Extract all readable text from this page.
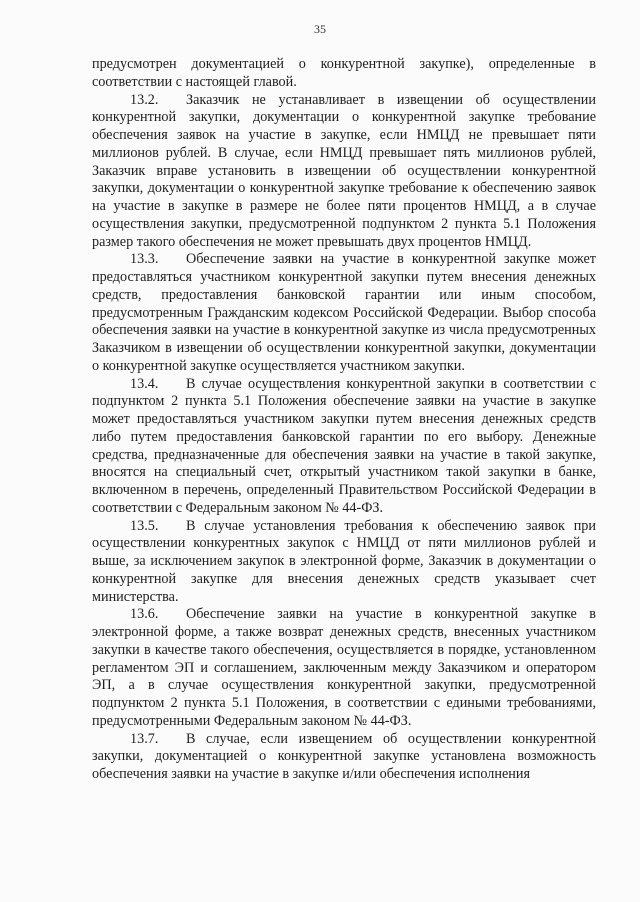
35

предусмотрен документацией о конкурентной закупке), определенные в соответствии с настоящей главой.

13.2. Заказчик не устанавливает в извещении об осуществлении конкурентной закупки, документации о конкурентной закупке требование обеспечения заявок на участие в закупке, если НМЦД не превышает пяти миллионов рублей. В случае, если НМЦД превышает пять миллионов рублей, Заказчик вправе установить в извещении об осуществлении конкурентной закупки, документации о конкурентной закупке требование к обеспечению заявок на участие в закупке в размере не более пяти процентов НМЦД, а в случае осуществления закупки, предусмотренной подпунктом 2 пункта 5.1 Положения размер такого обеспечения не может превышать двух процентов НМЦД.

13.3. Обеспечение заявки на участие в конкурентной закупке может предоставляться участником конкурентной закупки путем внесения денежных средств, предоставления банковской гарантии или иным способом, предусмотренным Гражданским кодексом Российской Федерации. Выбор способа обеспечения заявки на участие в конкурентной закупке из числа предусмотренных Заказчиком в извещении об осуществлении конкурентной закупки, документации о конкурентной закупке осуществляется участником закупки.

13.4. В случае осуществления конкурентной закупки в соответствии с подпунктом 2 пункта 5.1 Положения обеспечение заявки на участие в закупке может предоставляться участником закупки путем внесения денежных средств либо путем предоставления банковской гарантии по его выбору. Денежные средства, предназначенные для обеспечения заявки на участие в такой закупке, вносятся на специальный счет, открытый участником такой закупки в банке, включенном в перечень, определенный Правительством Российской Федерации в соответствии с Федеральным законом № 44-ФЗ.

13.5. В случае установления требования к обеспечению заявок при осуществлении конкурентных закупок с НМЦД от пяти миллионов рублей и выше, за исключением закупок в электронной форме, Заказчик в документации о конкурентной закупке для внесения денежных средств указывает счет министерства.

13.6. Обеспечение заявки на участие в конкурентной закупке в электронной форме, а также возврат денежных средств, внесенных участником закупки в качестве такого обеспечения, осуществляется в порядке, установленном регламентом ЭП и соглашением, заключенным между Заказчиком и оператором ЭП, а в случае осуществления конкурентной закупки, предусмотренной подпунктом 2 пункта 5.1 Положения, в соответствии с едиными требованиями, предусмотренными Федеральным законом № 44-ФЗ.

13.7. В случае, если извещением об осуществлении конкурентной закупки, документацией о конкурентной закупке установлена возможность обеспечения заявки на участие в закупке и/или обеспечения исполнения
